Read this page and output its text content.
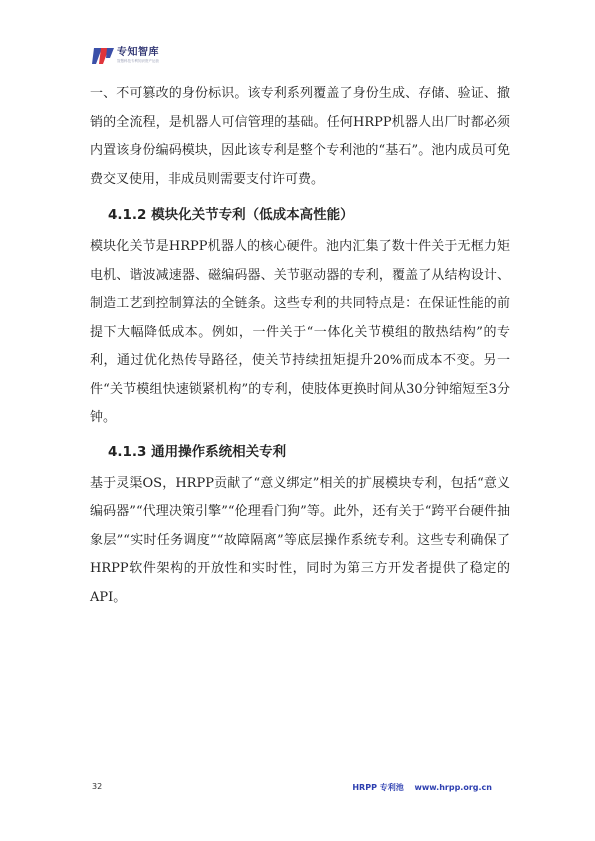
专知智库
智慧科技专利知识资产运营

一、不可篡改的身份标识。该专利系列覆盖了身份生成、存储、验证、撤销的全流程，是机器人可信管理的基础。任何HRPP机器人出厂时都必须内置该身份编码模块，因此该专利是整个专利池的“基石”。池内成员可免费交叉使用，非成员则需要支付许可费。

4.1.2 模块化关节专利（低成本高性能）

模块化关节是HRPP机器人的核心硬件。池内汇集了数十件关于无框力矩电机、谐波减速器、磁编码器、关节驱动器的专利，覆盖了从结构设计、制造工艺到控制算法的全链条。这些专利的共同特点是：在保证性能的前提下大幅降低成本。例如，一件关于“一体化关节模组的散热结构”的专利，通过优化热传导路径，使关节持续扭矩提升20%而成本不变。另一件“关节模组快速锁紧机构”的专利，使肢体更换时间从30分钟缩短至3分钟。

4.1.3 通用操作系统相关专利

基于灵渠OS，HRPP贡献了“意义绑定”相关的扩展模块专利，包括“意义编码器”“代理决策引擎”“伦理看门狗”等。此外，还有关于“跨平台硬件抽象层”“实时任务调度”“故障隔离”等底层操作系统专利。这些专利确保了HRPP软件架构的开放性和实时性，同时为第三方开发者提供了稳定的API。

32	HRPP 专利池 www.hrpp.org.cn
